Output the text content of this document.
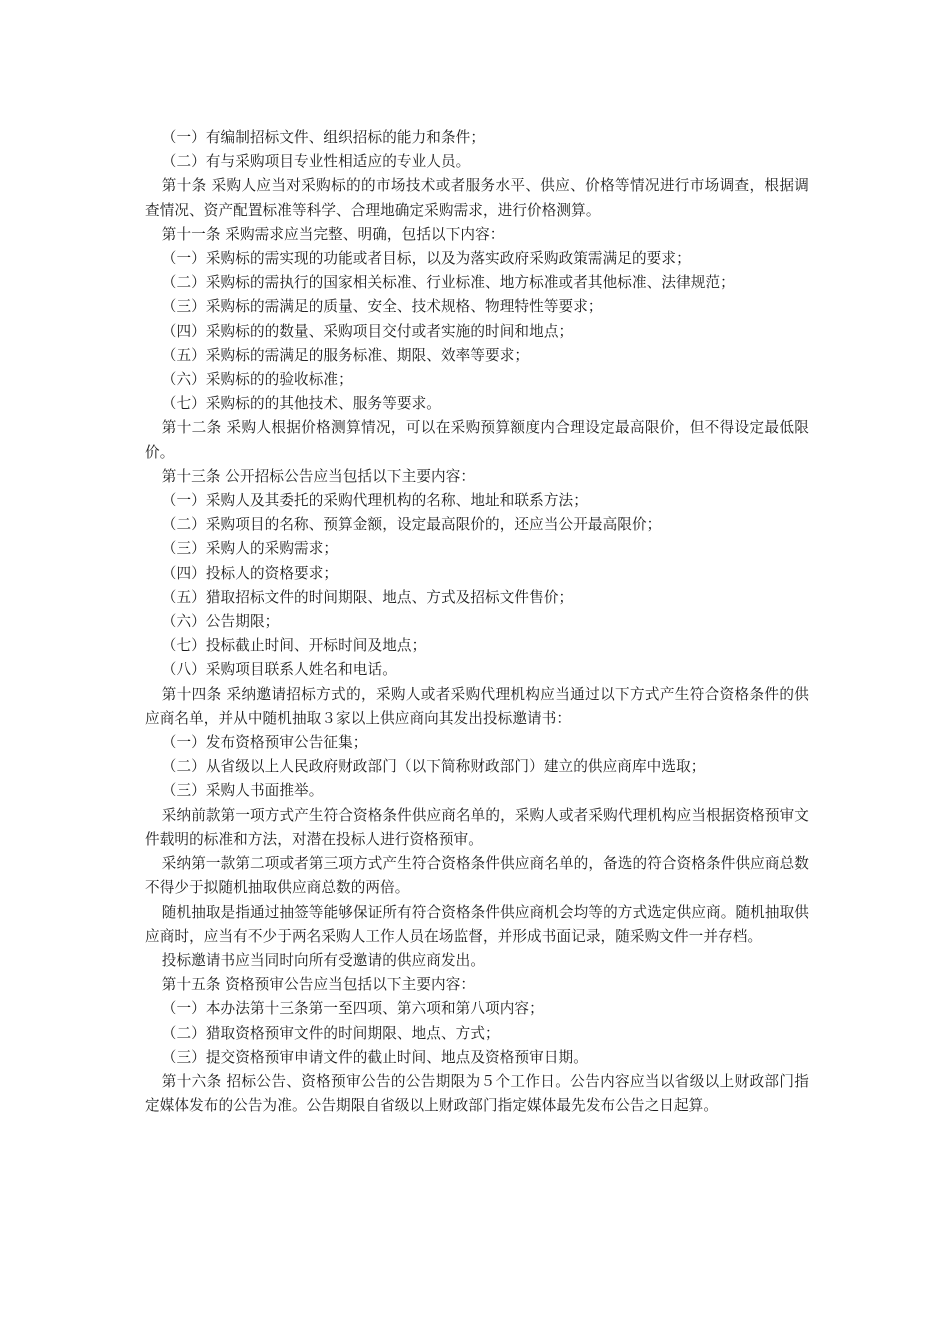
（一）有编制招标文件、组织招标的能力和条件；

（二）有与采购项目专业性相适应的专业人员。

第十条 采购人应当对采购标的的市场技术或者服务水平、供应、价格等情况进行市场调查，根据调查情况、资产配置标准等科学、合理地确定采购需求，进行价格测算。

第十一条 采购需求应当完整、明确，包括以下内容：

（一）采购标的需实现的功能或者目标，以及为落实政府采购政策需满足的要求；

（二）采购标的需执行的国家相关标准、行业标准、地方标准或者其他标准、法律规范；

（三）采购标的需满足的质量、安全、技术规格、物理特性等要求；

（四）采购标的的数量、采购项目交付或者实施的时间和地点；

（五）采购标的需满足的服务标准、期限、效率等要求；

（六）采购标的的验收标准；

（七）采购标的的其他技术、服务等要求。

第十二条 采购人根据价格测算情况，可以在采购预算额度内合理设定最高限价，但不得设定最低限价。

第十三条 公开招标公告应当包括以下主要内容：

（一）采购人及其委托的采购代理机构的名称、地址和联系方法；

（二）采购项目的名称、预算金额，设定最高限价的，还应当公开最高限价；

（三）采购人的采购需求；

（四）投标人的资格要求；

（五）猎取招标文件的时间期限、地点、方式及招标文件售价；

（六）公告期限；

（七）投标截止时间、开标时间及地点；

（八）采购项目联系人姓名和电话。

第十四条 采纳邀请招标方式的，采购人或者采购代理机构应当通过以下方式产生符合资格条件的供应商名单，并从中随机抽取３家以上供应商向其发出投标邀请书：

（一）发布资格预审公告征集；

（二）从省级以上人民政府财政部门（以下简称财政部门）建立的供应商库中选取；

（三）采购人书面推举。

采纳前款第一项方式产生符合资格条件供应商名单的，采购人或者采购代理机构应当根据资格预审文件载明的标准和方法，对潜在投标人进行资格预审。

采纳第一款第二项或者第三项方式产生符合资格条件供应商名单的，备选的符合资格条件供应商总数不得少于拟随机抽取供应商总数的两倍。

随机抽取是指通过抽签等能够保证所有符合资格条件供应商机会均等的方式选定供应商。随机抽取供应商时，应当有不少于两名采购人工作人员在场监督，并形成书面记录，随采购文件一并存档。

投标邀请书应当同时向所有受邀请的供应商发出。

第十五条 资格预审公告应当包括以下主要内容：

（一）本办法第十三条第一至四项、第六项和第八项内容；

（二）猎取资格预审文件的时间期限、地点、方式；

（三）提交资格预审申请文件的截止时间、地点及资格预审日期。

第十六条 招标公告、资格预审公告的公告期限为５个工作日。公告内容应当以省级以上财政部门指定媒体发布的公告为准。公告期限自省级以上财政部门指定媒体最先发布公告之日起算。
